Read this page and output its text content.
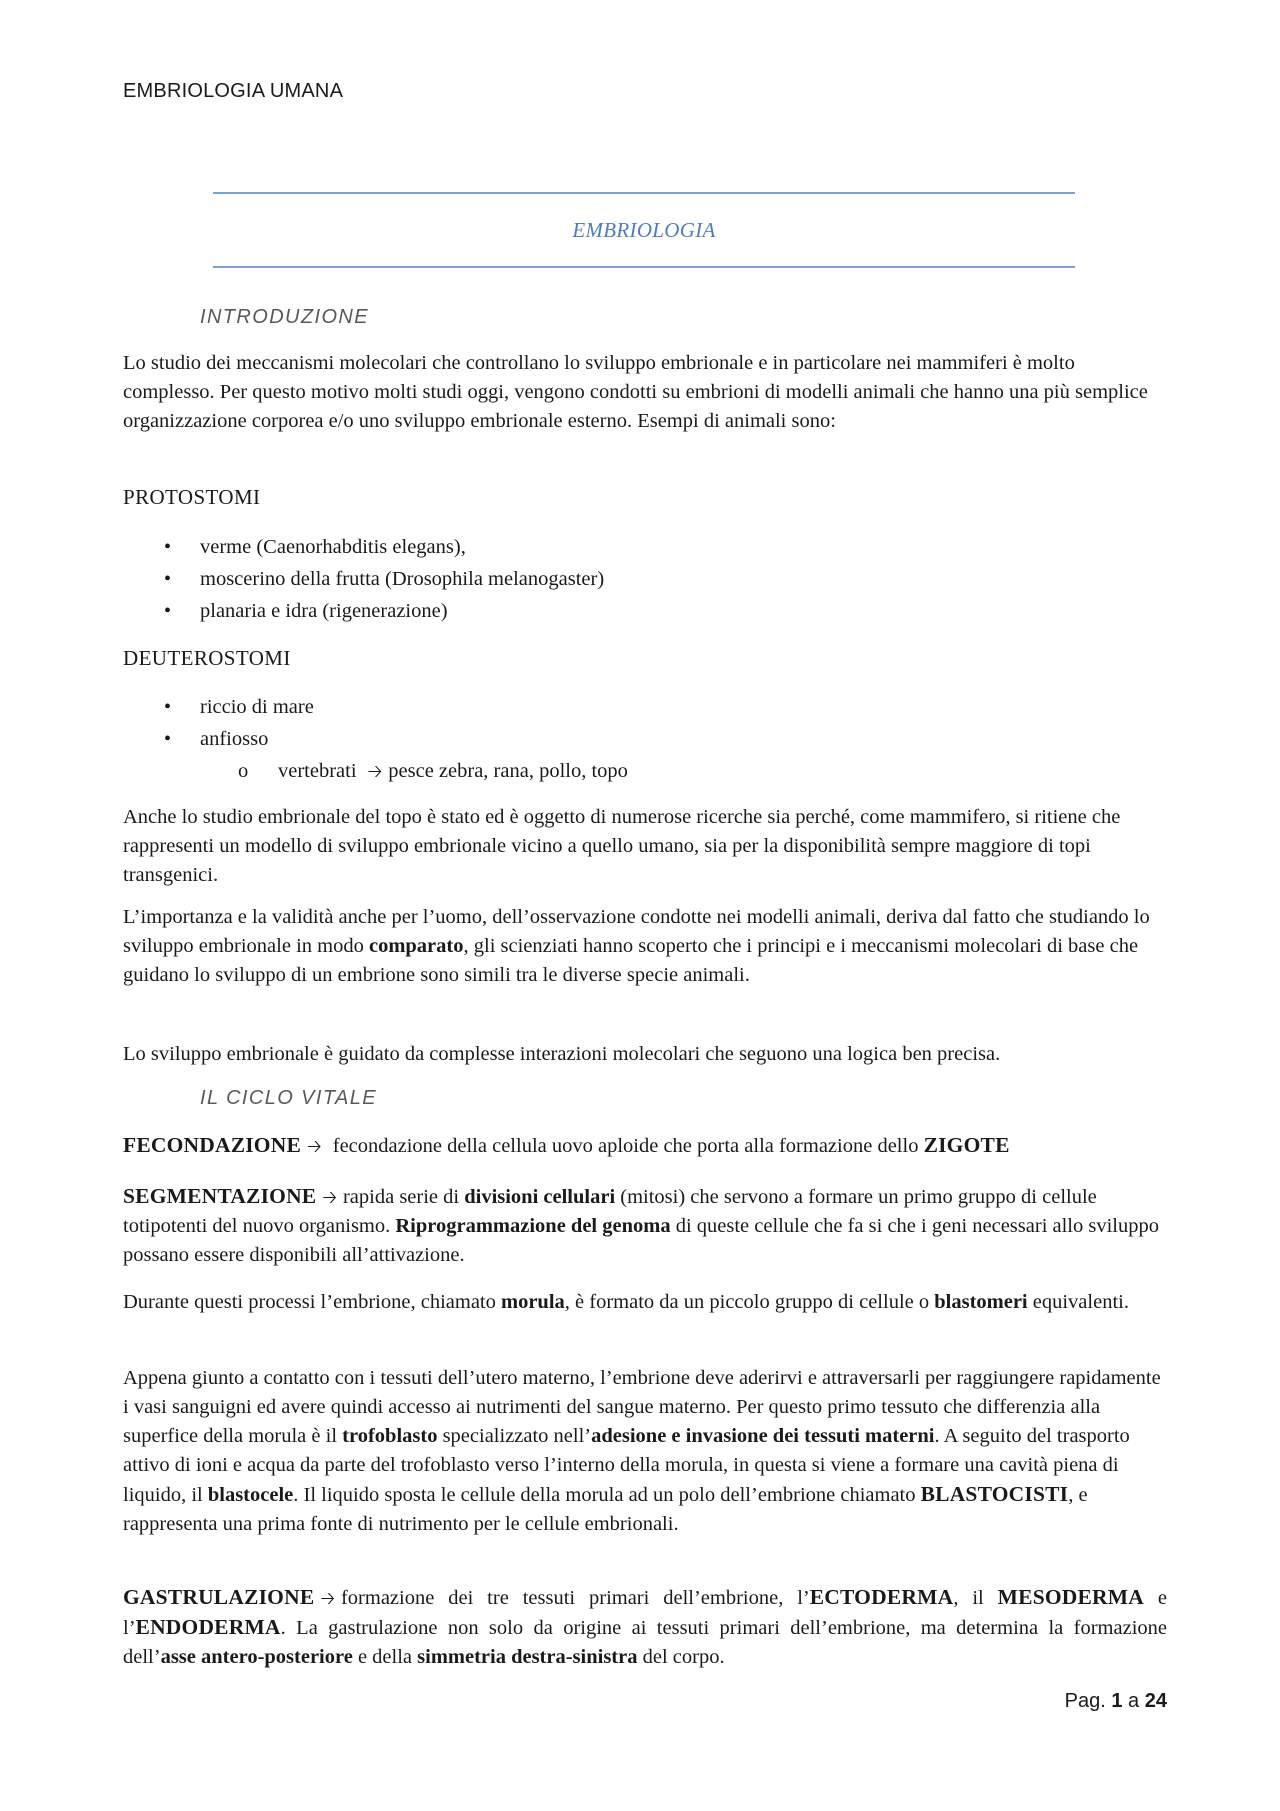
EMBRIOLOGIA UMANA
EMBRIOLOGIA
INTRODUZIONE

Lo studio dei meccanismi molecolari che controllano lo sviluppo embrionale e in particolare nei mammiferi è molto complesso. Per questo motivo molti studi oggi, vengono condotti su embrioni di modelli animali che hanno una più semplice organizzazione corporea e/o uno sviluppo embrionale esterno. Esempi di animali sono:

PROTOSTOMI
• verme (Caenorhabditis elegans),
• moscerino della frutta (Drosophila melanogaster)
• planaria e idra (rigenerazione)
DEUTEROSTOMI
• riccio di mare
• anfiosso
o vertebrati 🡢 pesce zebra, rana, pollo, topo

Anche lo studio embrionale del topo è stato ed è oggetto di numerose ricerche sia perché, come mammifero, si ritiene che rappresenti un modello di sviluppo embrionale vicino a quello umano, sia per la disponibilità sempre maggiore di topi transgenici.

L’importanza e la validità anche per l’uomo, dell’osservazione condotte nei modelli animali, deriva dal fatto che studiando lo sviluppo embrionale in modo comparato, gli scienziati hanno scoperto che i principi e i meccanismi molecolari di base che guidano lo sviluppo di un embrione sono simili tra le diverse specie animali.

Lo sviluppo embrionale è guidato da complesse interazioni molecolari che seguono una logica ben precisa.

IL CICLO VITALE

FECONDAZIONE 🡢 fecondazione della cellula uovo aploide che porta alla formazione dello ZIGOTE

SEGMENTAZIONE 🡢 rapida serie di divisioni cellulari (mitosi) che servono a formare un primo gruppo di cellule totipotenti del nuovo organismo. Riprogrammazione del genoma di queste cellule che fa si che i geni necessari allo sviluppo possano essere disponibili all’attivazione.

Durante questi processi l’embrione, chiamato morula, è formato da un piccolo gruppo di cellule o blastomeri equivalenti.

Appena giunto a contatto con i tessuti dell’utero materno, l’embrione deve aderirvi e attraversarli per raggiungere rapidamente i vasi sanguigni ed avere quindi accesso ai nutrimenti del sangue materno. Per questo primo tessuto che differenzia alla superfice della morula è il trofoblasto specializzato nell’adesione e invasione dei tessuti materni. A seguito del trasporto attivo di ioni e acqua da parte del trofoblasto verso l’interno della morula, in questa si viene a formare una cavità piena di liquido, il blastocele. Il liquido sposta le cellule della morula ad un polo dell’embrione chiamato BLASTOCISTI, e rappresenta una prima fonte di nutrimento per le cellule embrionali.

GASTRULAZIONE 🡢 formazione dei tre tessuti primari dell’embrione, l’ECTODERMA, il MESODERMA e l’ENDODERMA. La gastrulazione non solo da origine ai tessuti primari dell’embrione, ma determina la formazione dell’asse antero-posteriore e della simmetria destra-sinistra del corpo.

Pag. 1 a 24
